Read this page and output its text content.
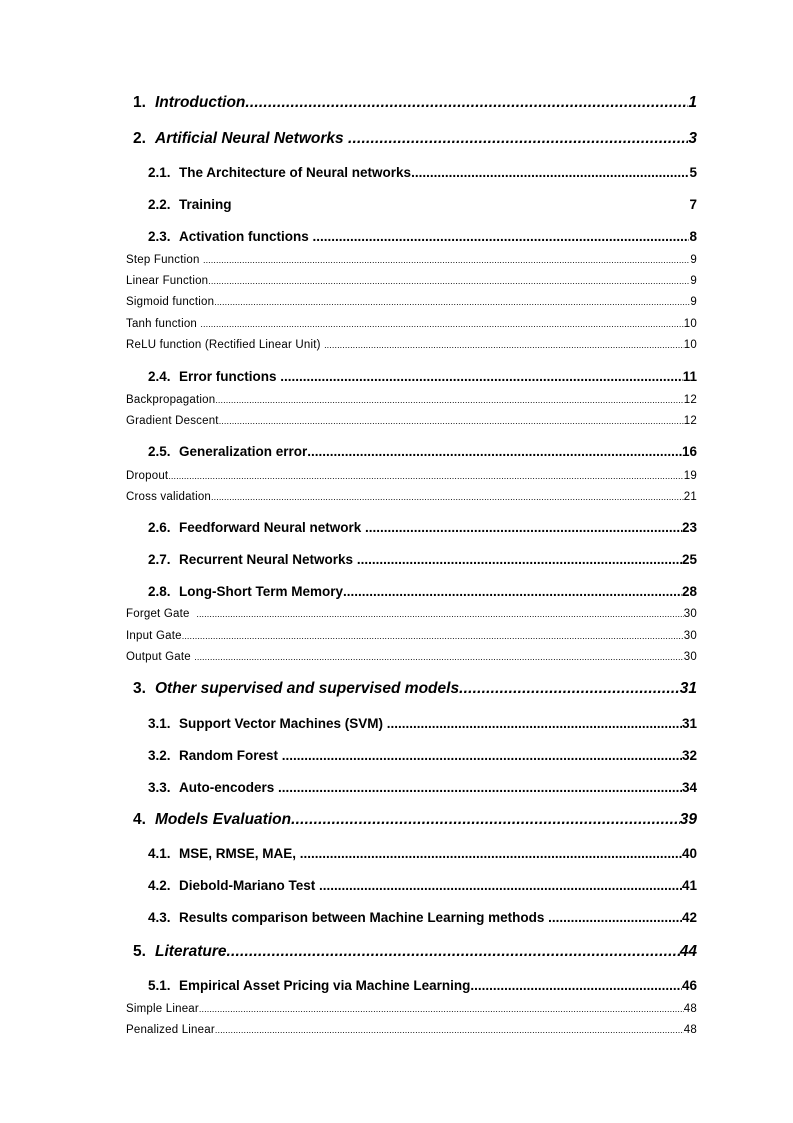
1. Introduction .....	1
2. Artificial Neural Networks .....	3
2.1. The Architecture of Neural networks .....	5
2.2. Training	7
2.3. Activation functions .....	8
Step Function .....	9
Linear Function .....	9
Sigmoid function .....	9
Tanh function .....	10
ReLU function (Rectified Linear Unit) .....	10
2.4. Error functions .....	11
Backpropagation .....	12
Gradient Descent .....	12
2.5. Generalization error .....	16
Dropout .....	19
Cross validation .....	21
2.6. Feedforward Neural network .....	23
2.7. Recurrent Neural Networks .....	25
2.8. Long-Short Term Memory .....	28
Forget Gate .....	30
Input Gate .....	30
Output Gate .....	30
3. Other supervised and supervised models .....	31
3.1. Support Vector Machines (SVM) .....	31
3.2. Random Forest .....	32
3.3. Auto-encoders .....	34
4. Models Evaluation .....	39
4.1. MSE, RMSE, MAE, .....	40
4.2. Diebold-Mariano Test .....	41
4.3. Results comparison between Machine Learning methods .....	42
5. Literature .....	44
5.1. Empirical Asset Pricing via Machine Learning .....	46
Simple Linear .....	48
Penalized Linear .....	48
